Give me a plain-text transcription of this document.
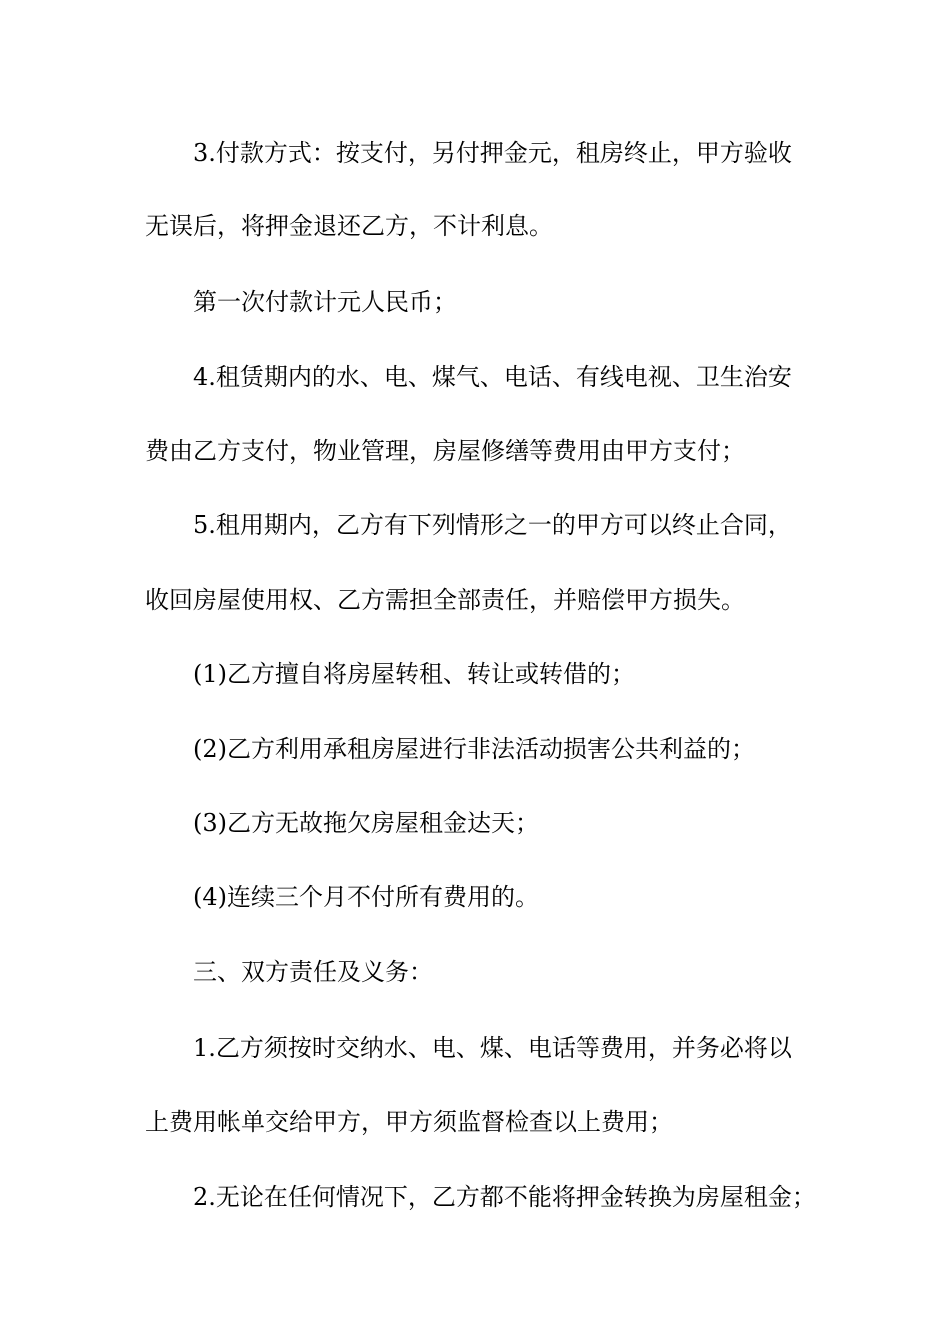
3.付款方式：按支付，另付押金元，租房终止，甲方验收
无误后，将押金退还乙方，不计利息。
第一次付款计元人民币；
4.租赁期内的水、电、煤气、电话、有线电视、卫生治安
费由乙方支付，物业管理，房屋修缮等费用由甲方支付；
5.租用期内，乙方有下列情形之一的甲方可以终止合同，
收回房屋使用权、乙方需担全部责任，并赔偿甲方损失。
(1)乙方擅自将房屋转租、转让或转借的；
(2)乙方利用承租房屋进行非法活动损害公共利益的；
(3)乙方无故拖欠房屋租金达天；
(4)连续三个月不付所有费用的。
三、双方责任及义务：
1.乙方须按时交纳水、电、煤、电话等费用，并务必将以
上费用帐单交给甲方，甲方须监督检查以上费用；
2.无论在任何情况下，乙方都不能将押金转换为房屋租金；
